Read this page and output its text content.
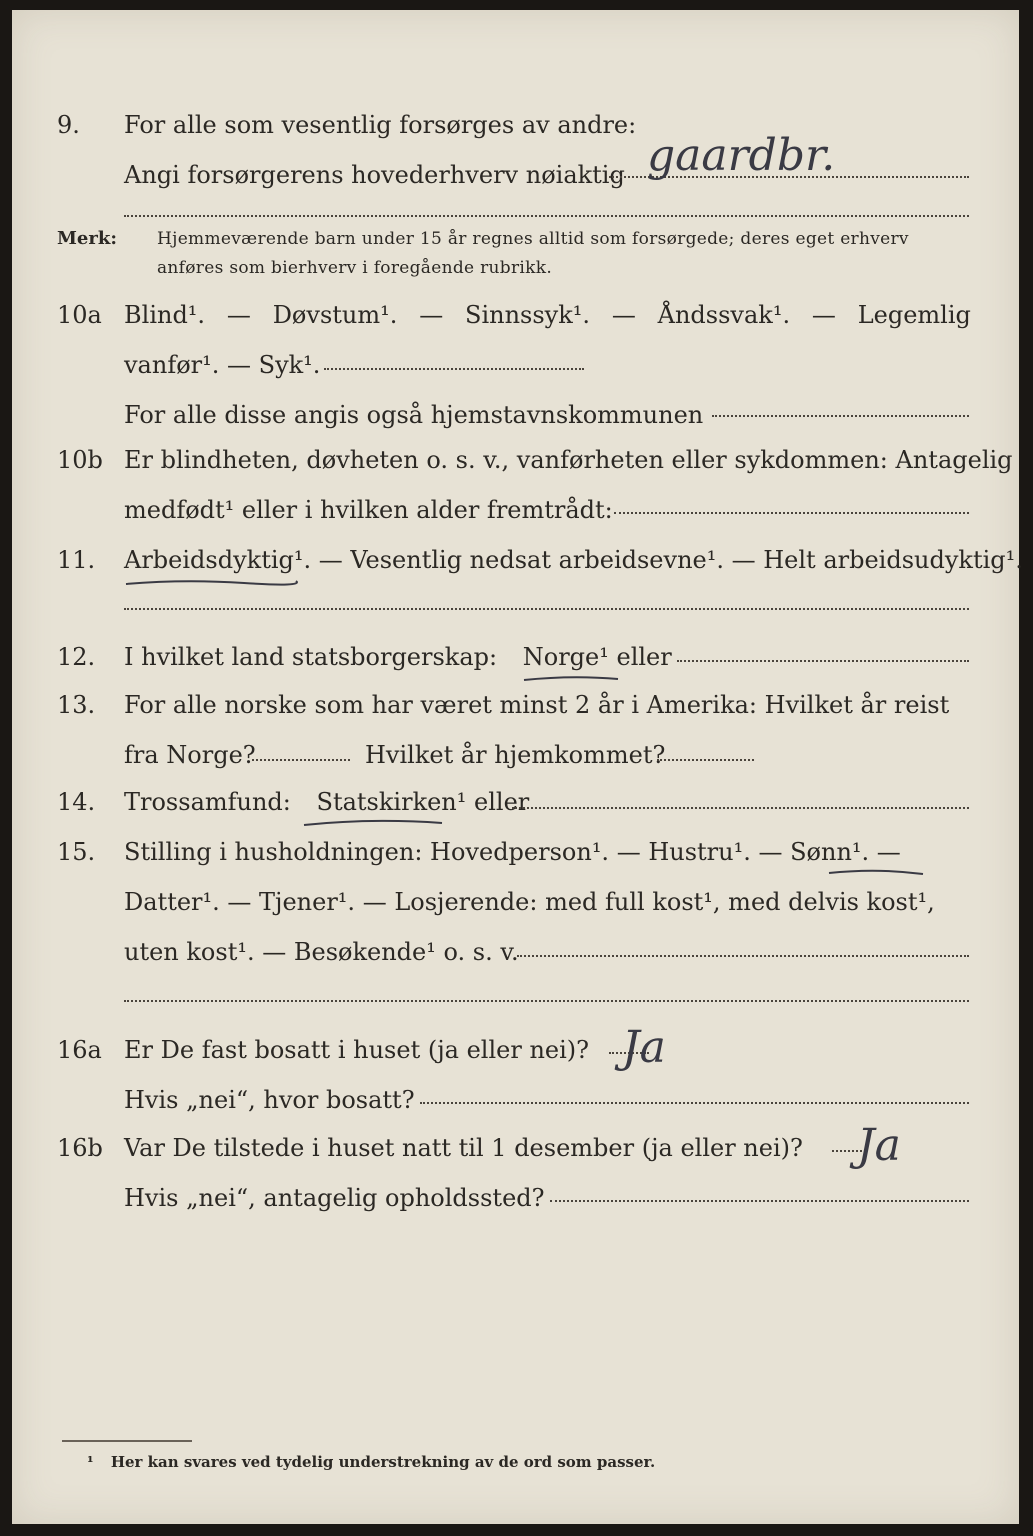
9. For alle som vesentlig forsørges av andre:
Angi forsørgerens hovederhverv nøiaktig gaardbr.
Merk: Hjemmeværende barn under 15 år regnes alltid som forsørgede; deres eget erhverv
anføres som bierhverv i foregående rubrikk.
10a Blind¹. — Døvstum¹. — Sinnssyk¹. — Åndssvak¹. — Legemlig
vanfør¹. — Syk¹.
For alle disse angis også hjemstavnskommunen
10b Er blindheten, døvheten o. s. v., vanførheten eller sykdommen: Antagelig
medfødt¹ eller i hvilken alder fremtrådt:
11. Arbeidsdyktig¹. — Vesentlig nedsat arbeidsevne¹. — Helt arbeidsudyktig¹.
12. I hvilket land statsborgerskap: Norge¹ eller
13. For alle norske som har været minst 2 år i Amerika: Hvilket år reist
fra Norge?	Hvilket år hjemkommet?
14. Trossamfund: Statskirken¹ eller
15. Stilling i husholdningen: Hovedperson¹. — Hustru¹. — Sønn¹. —
Datter¹. — Tjener¹. — Losjerende: med full kost¹, med delvis kost¹,
uten kost¹. — Besøkende¹ o. s. v.
16a Er De fast bosatt i huset (ja eller nei)? Ja
Hvis „nei“, hvor bosatt?
16b Var De tilstede i huset natt til 1 desember (ja eller nei)? Ja
Hvis „nei“, antagelig opholdssted?
¹ Her kan svares ved tydelig understrekning av de ord som passer.
